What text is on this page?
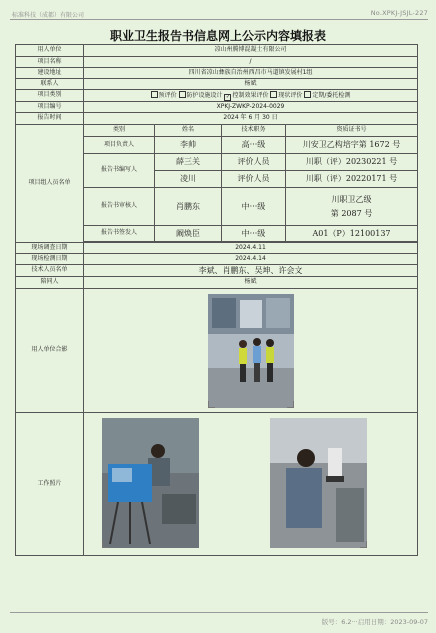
标准科技（成都）有限公司	No.XPKJ-JSJL-227
职业卫生报告书信息网上公示内容填报表
用人单位	凉山州腾博混凝土有限公司			
项目名称	/			
建设地址	四川省凉山彝族自治州西昌市马道镇发展村1组			
联系人	杨斌			
项目类别	预评价 防护设施设计 ✓ 控制效果评价 现状评价 定期/委托检测			
项目编号	XPKJ-ZWKP-2024-0029			
报告时间	2024 年 6 月 30 日			
项目组人员名单	类别	姓名	技术职务	资质证书号
	项目负责人	李帅	高···级	川安卫乙构培字第 1672 号
	报告书编写人	薛三关	评价人员	川职（评）20230221 号
		凌川	评价人员	川职（评）20220171 号
	报告书审核人	肖鹏东	中···级	川职卫乙级
第 2087 号

	报告书签发人	阚焕臣	中···级	A01（P）12100137

现场调查日期	2024.4.11			
现场检测日期	2024.4.14			
技术人员名单	李斌、肖鹏东、吴坤、许会文			
陪同人	杨斌			
用人单位合影	

工作照片	
版号：6.2···启用日期：2023-09-07
